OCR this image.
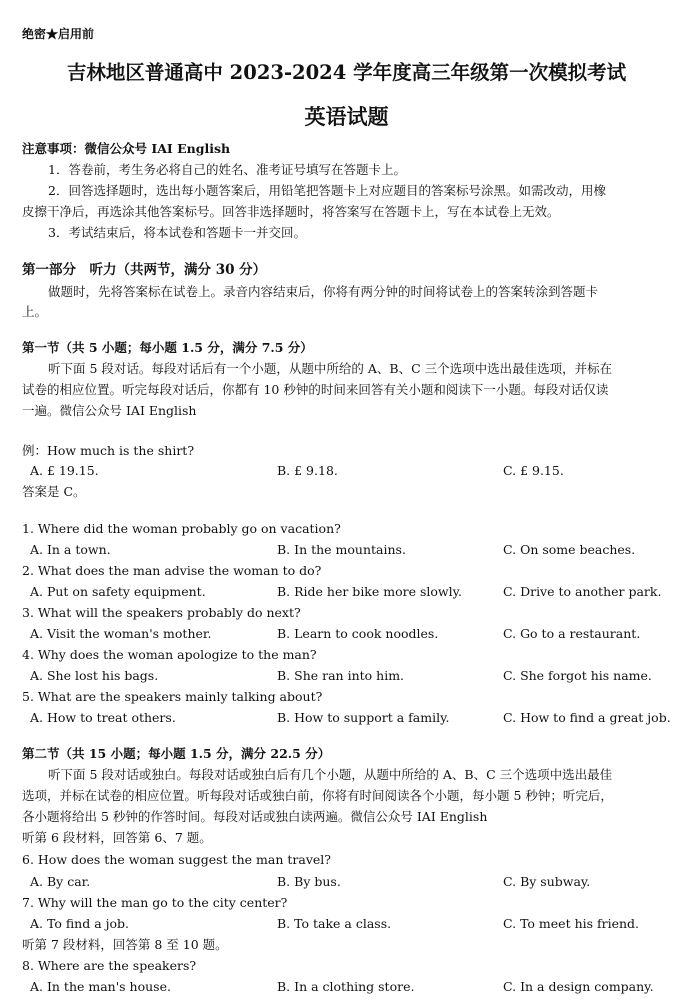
绝密★启用前
吉林地区普通高中 2023-2024 学年度高三年级第一次模拟考试
英语试题
注意事项：微信公众号 IAI English
1．答卷前，考生务必将自己的姓名、准考证号填写在答题卡上。
2．回答选择题时，选出每小题答案后，用铅笔把答题卡上对应题目的答案标号涂黑。如需改动，用橡
皮擦干净后，再选涂其他答案标号。回答非选择题时，将答案写在答题卡上，写在本试卷上无效。
3．考试结束后，将本试卷和答题卡一并交回。
第一部分　听力（共两节，满分 30 分）
做题时，先将答案标在试卷上。录音内容结束后，你将有两分钟的时间将试卷上的答案转涂到答题卡
上。
第一节（共 5 小题；每小题 1.5 分，满分 7.5 分）
听下面 5 段对话。每段对话后有一个小题，从题中所给的 A、B、C 三个选项中选出最佳选项，并标在
试卷的相应位置。听完每段对话后，你都有 10 秒钟的时间来回答有关小题和阅读下一小题。每段对话仅读
一遍。微信公众号 IAI English
例：How much is the shirt?
A. £ 19.15.	B. £ 9.18.	C. £ 9.15.
答案是 C。
1. Where did the woman probably go on vacation?
A. In a town.	B. In the mountains.	C. On some beaches.
2. What does the man advise the woman to do?
A. Put on safety equipment.	B. Ride her bike more slowly.	C. Drive to another park.
3. What will the speakers probably do next?
A. Visit the woman's mother.	B. Learn to cook noodles.	C. Go to a restaurant.
4. Why does the woman apologize to the man?
A. She lost his bags.	B. She ran into him.	C. She forgot his name.
5. What are the speakers mainly talking about?
A. How to treat others.	B. How to support a family.	C. How to find a great job.
第二节（共 15 小题；每小题 1.5 分，满分 22.5 分）
听下面 5 段对话或独白。每段对话或独白后有几个小题，从题中所给的 A、B、C 三个选项中选出最佳
选项，并标在试卷的相应位置。听每段对话或独白前，你将有时间阅读各个小题，每小题 5 秒钟；听完后，
各小题将给出 5 秒钟的作答时间。每段对话或独白读两遍。微信公众号 IAI English
听第 6 段材料，回答第 6、7 题。
6. How does the woman suggest the man travel?
A. By car.	B. By bus.	C. By subway.
7. Why will the man go to the city center?
A. To find a job.	B. To take a class.	C. To meet his friend.
听第 7 段材料，回答第 8 至 10 题。
8. Where are the speakers?
A. In the man's house.	B. In a clothing store.	C. In a design company.
